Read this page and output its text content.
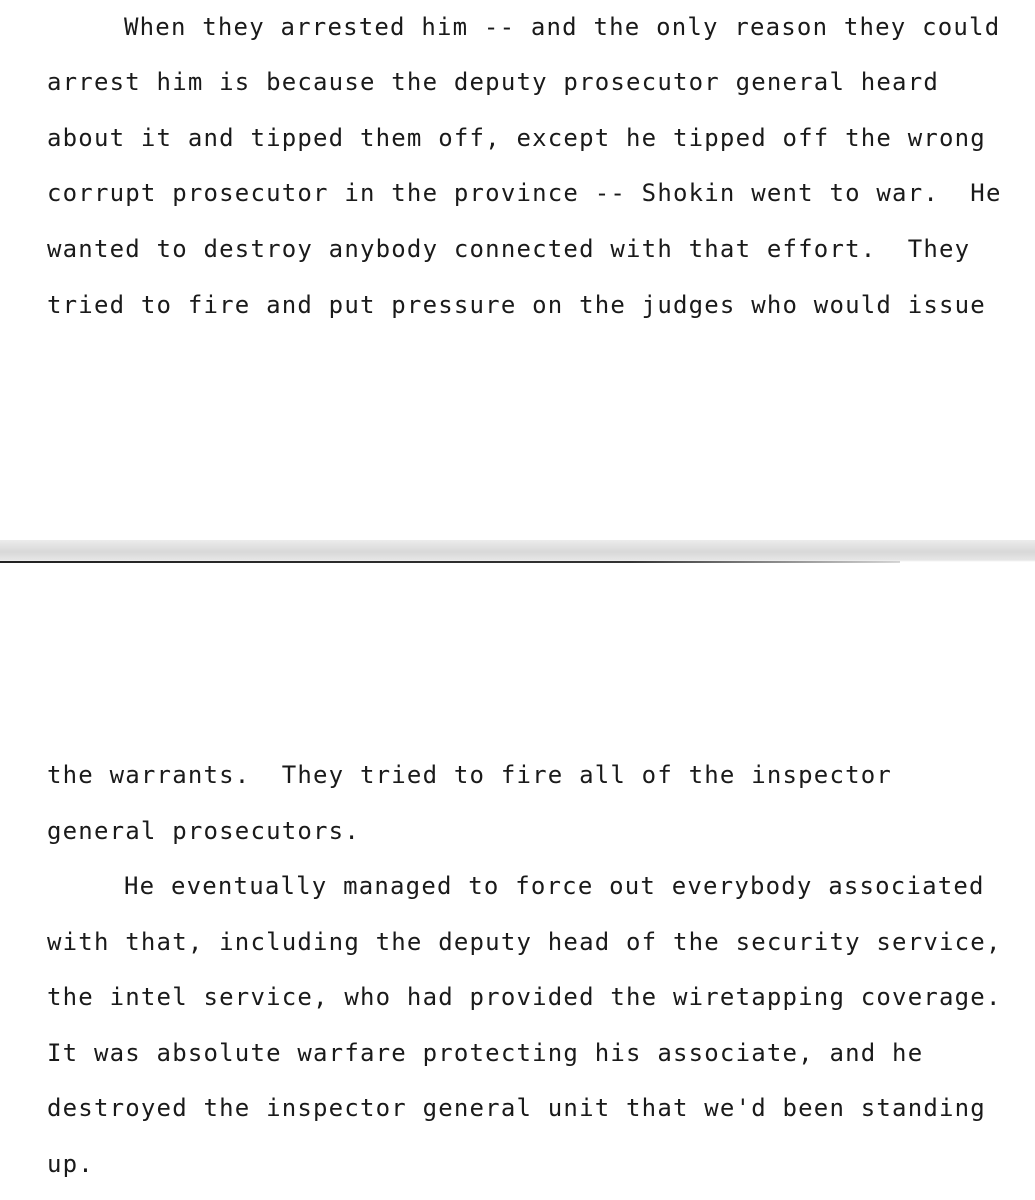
When they arrested him -- and the only reason they could
arrest him is because the deputy prosecutor general heard
about it and tipped them off, except he tipped off the wrong
corrupt prosecutor in the province -- Shokin went to war.  He
wanted to destroy anybody connected with that effort.  They
tried to fire and put pressure on the judges who would issue
the warrants.  They tried to fire all of the inspector
general prosecutors.
He eventually managed to force out everybody associated
with that, including the deputy head of the security service,
the intel service, who had provided the wiretapping coverage.
It was absolute warfare protecting his associate, and he
destroyed the inspector general unit that we'd been standing
up.
